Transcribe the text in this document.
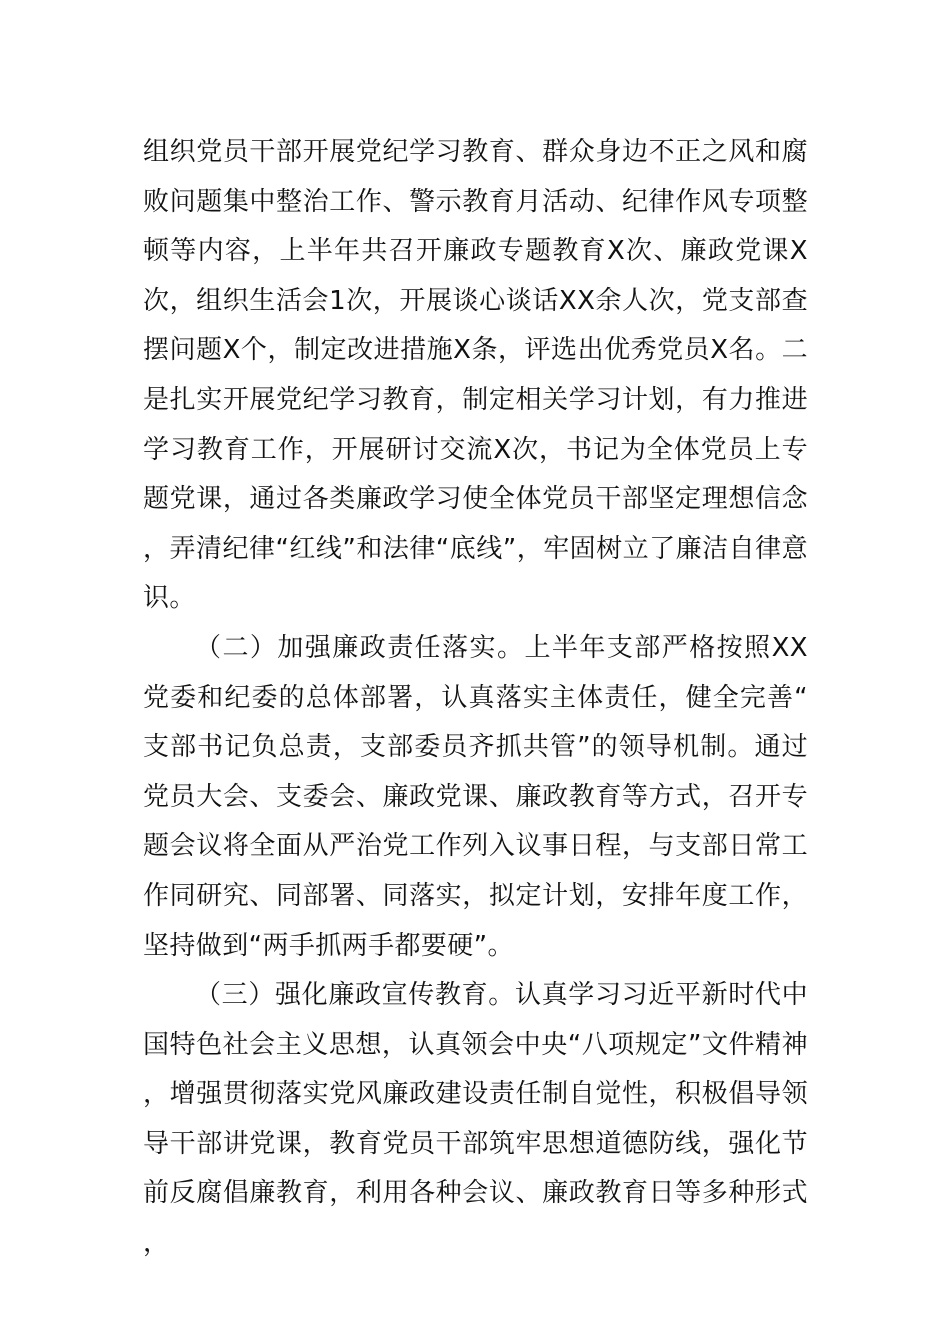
组织党员干部开展党纪学习教育、群众身边不正之风和腐败问题集中整治工作、警示教育月活动、纪律作风专项整顿等内容，上半年共召开廉政专题教育X次、廉政党课X次，组织生活会1次，开展谈心谈话XX余人次，党支部查摆问题X个，制定改进措施X条，评选出优秀党员X名。二是扎实开展党纪学习教育，制定相关学习计划，有力推进学习教育工作，开展研讨交流X次，书记为全体党员上专题党课，通过各类廉政学习使全体党员干部坚定理想信念，弄清纪律“红线”和法律“底线”，牢固树立了廉洁自律意识。

（二）加强廉政责任落实。上半年支部严格按照XX党委和纪委的总体部署，认真落实主体责任，健全完善“支部书记负总责，支部委员齐抓共管”的领导机制。通过党员大会、支委会、廉政党课、廉政教育等方式，召开专题会议将全面从严治党工作列入议事日程，与支部日常工作同研究、同部署、同落实，拟定计划，安排年度工作，坚持做到“两手抓两手都要硬”。

（三）强化廉政宣传教育。认真学习习近平新时代中国特色社会主义思想，认真领会中央“八项规定”文件精神，增强贯彻落实党风廉政建设责任制自觉性，积极倡导领导干部讲党课，教育党员干部筑牢思想道德防线，强化节前反腐倡廉教育，利用各种会议、廉政教育日等多种形式，
